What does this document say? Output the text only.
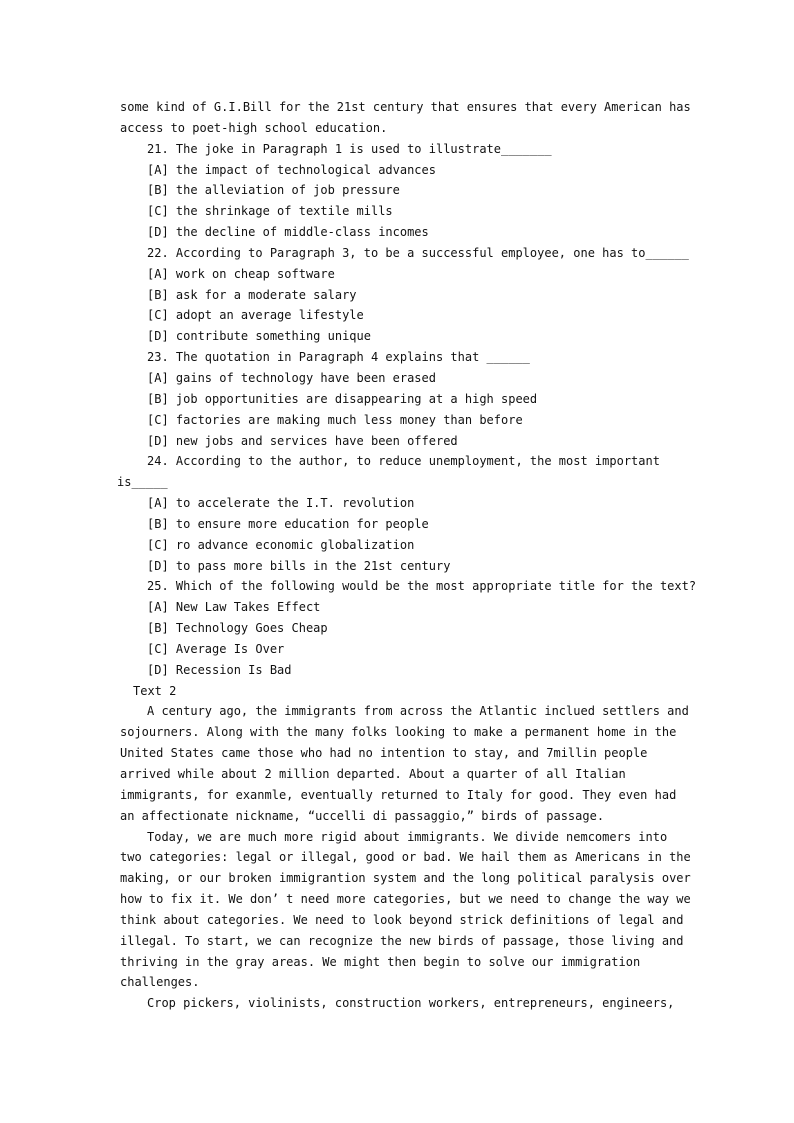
some kind of G.I.Bill for the 21st century that ensures that every American has
access to poet-high school education.
21. The joke in Paragraph 1 is used to illustrate_______
[A] the impact of technological advances
[B] the alleviation of job pressure
[C] the shrinkage of textile mills
[D] the decline of middle-class incomes
22. According to Paragraph 3, to be a successful employee, one has to______
[A] work on cheap software
[B] ask for a moderate salary
[C] adopt an average lifestyle
[D] contribute something unique
23. The quotation in Paragraph 4 explains that ______
[A] gains of technology have been erased
[B] job opportunities are disappearing at a high speed
[C] factories are making much less money than before
[D] new jobs and services have been offered
24. According to the author, to reduce unemployment, the most important
is_____
[A] to accelerate the I.T. revolution
[B] to ensure more education for people
[C] ro advance economic globalization
[D] to pass more bills in the 21st century
25. Which of the following would be the most appropriate title for the text?
[A] New Law Takes Effect
[B] Technology Goes Cheap
[C] Average Is Over
[D] Recession Is Bad
Text 2
A century ago, the immigrants from across the Atlantic inclued settlers and
sojourners. Along with the many folks looking to make a permanent home in the
United States came those who had no intention to stay, and 7millin people
arrived while about 2 million departed. About a quarter of all Italian
immigrants, for exanmle, eventually returned to Italy for good. They even had
an affectionate nickname, “uccelli di passaggio,” birds of passage.
Today, we are much more rigid about immigrants. We divide nemcomers into
two categories: legal or illegal, good or bad. We hail them as Americans in the
making, or our broken immigrantion system and the long political paralysis over
how to fix it. We don’ t need more categories, but we need to change the way we
think about categories. We need to look beyond strick definitions of legal and
illegal. To start, we can recognize the new birds of passage, those living and
thriving in the gray areas. We might then begin to solve our immigration
challenges.
Crop pickers, violinists, construction workers, entrepreneurs, engineers,
